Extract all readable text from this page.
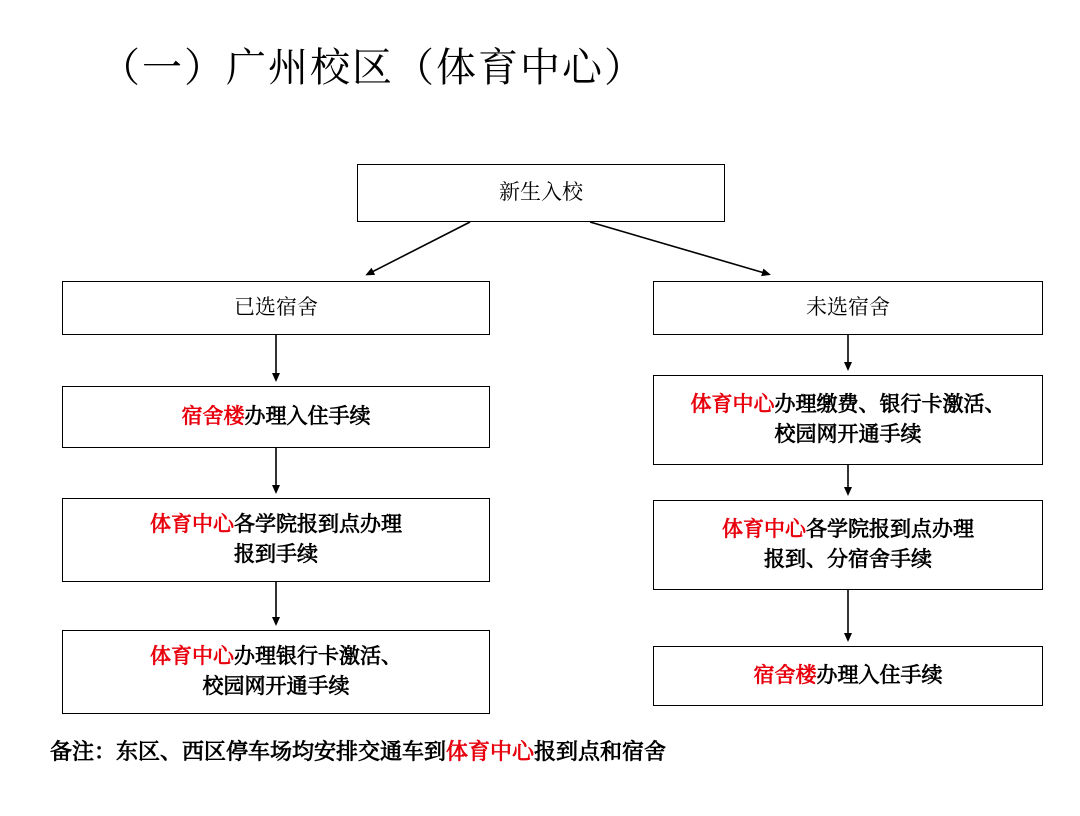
（一）广州校区（体育中心）
新生入校
已选宿舍
宿舍楼办理入住手续
体育中心各学院报到点办理
报到手续
体育中心办理银行卡激活、
校园网开通手续
未选宿舍
体育中心办理缴费、银行卡激活、
校园网开通手续
体育中心各学院报到点办理
报到、分宿舍手续
宿舍楼办理入住手续
备注：东区、西区停车场均安排交通车到体育中心报到点和宿舍
